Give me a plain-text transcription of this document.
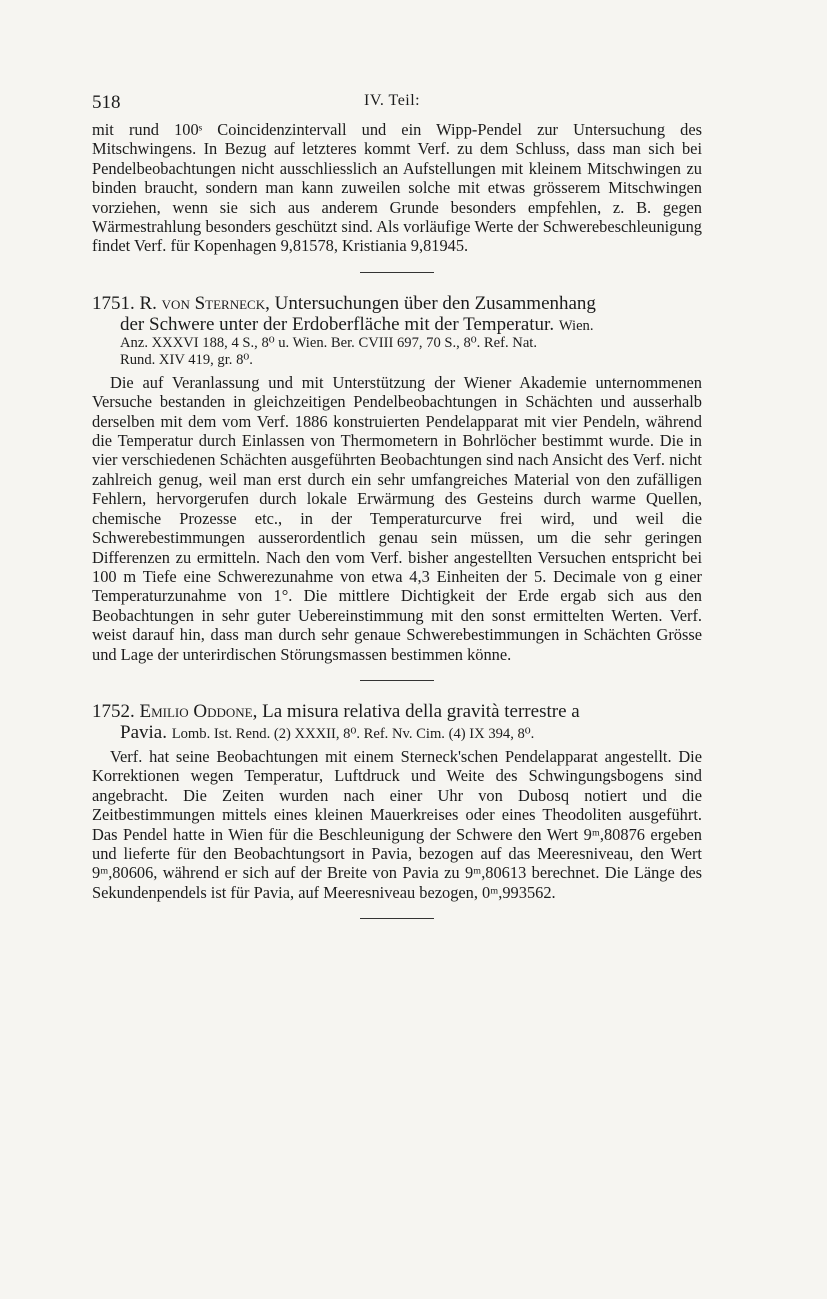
518	IV. Teil:

mit rund 100ˢ Coincidenzintervall und ein Wipp-Pendel zur Untersuchung des Mitschwingens. In Bezug auf letzteres kommt Verf. zu dem Schluss, dass man sich bei Pendelbeobachtungen nicht ausschliesslich an Aufstellungen mit kleinem Mitschwingen zu binden braucht, sondern man kann zuweilen solche mit etwas grösserem Mitschwingen vorziehen, wenn sie sich aus anderem Grunde besonders empfehlen, z. B. gegen Wärmestrahlung besonders geschützt sind. Als vorläufige Werte der Schwerebeschleunigung findet Verf. für Kopenhagen 9,81578, Kristiania 9,81945.

1751. R. von Sterneck, Untersuchungen über den Zusammenhang
der Schwere unter der Erdoberfläche mit der Temperatur. Wien.
Anz. XXXVI 188, 4 S., 8⁰ u. Wien. Ber. CVIII 697, 70 S., 8⁰. Ref. Nat.
Rund. XIV 419, gr. 8⁰.

Die auf Veranlassung und mit Unterstützung der Wiener Akademie unternommenen Versuche bestanden in gleichzeitigen Pendelbeobachtungen in Schächten und ausserhalb derselben mit dem vom Verf. 1886 konstruierten Pendelapparat mit vier Pendeln, während die Temperatur durch Einlassen von Thermometern in Bohrlöcher bestimmt wurde. Die in vier verschiedenen Schächten ausgeführten Beobachtungen sind nach Ansicht des Verf. nicht zahlreich genug, weil man erst durch ein sehr umfangreiches Material von den zufälligen Fehlern, hervorgerufen durch lokale Erwärmung des Gesteins durch warme Quellen, chemische Prozesse etc., in der Temperaturcurve frei wird, und weil die Schwerebestimmungen ausserordentlich genau sein müssen, um die sehr geringen Differenzen zu ermitteln. Nach den vom Verf. bisher angestellten Versuchen entspricht bei 100 m Tiefe eine Schwerezunahme von etwa 4,3 Einheiten der 5. Decimale von g einer Temperaturzunahme von 1°. Die mittlere Dichtigkeit der Erde ergab sich aus den Beobachtungen in sehr guter Uebereinstimmung mit den sonst ermittelten Werten. Verf. weist darauf hin, dass man durch sehr genaue Schwerebestimmungen in Schächten Grösse und Lage der unterirdischen Störungsmassen bestimmen könne.

1752. Emilio Oddone, La misura relativa della gravità terrestre a
Pavia. Lomb. Ist. Rend. (2) XXXII, 8⁰. Ref. Nv. Cim. (4) IX 394, 8⁰.

Verf. hat seine Beobachtungen mit einem Sterneck'schen Pendelapparat angestellt. Die Korrektionen wegen Temperatur, Luftdruck und Weite des Schwingungsbogens sind angebracht. Die Zeiten wurden nach einer Uhr von Dubosq notiert und die Zeitbestimmungen mittels eines kleinen Mauerkreises oder eines Theodoliten ausgeführt. Das Pendel hatte in Wien für die Beschleunigung der Schwere den Wert 9ᵐ,80876 ergeben und lieferte für den Beobachtungsort in Pavia, bezogen auf das Meeresniveau, den Wert 9ᵐ,80606, während er sich auf der Breite von Pavia zu 9ᵐ,80613 berechnet. Die Länge des Sekundenpendels ist für Pavia, auf Meeresniveau bezogen, 0ᵐ,993562.
